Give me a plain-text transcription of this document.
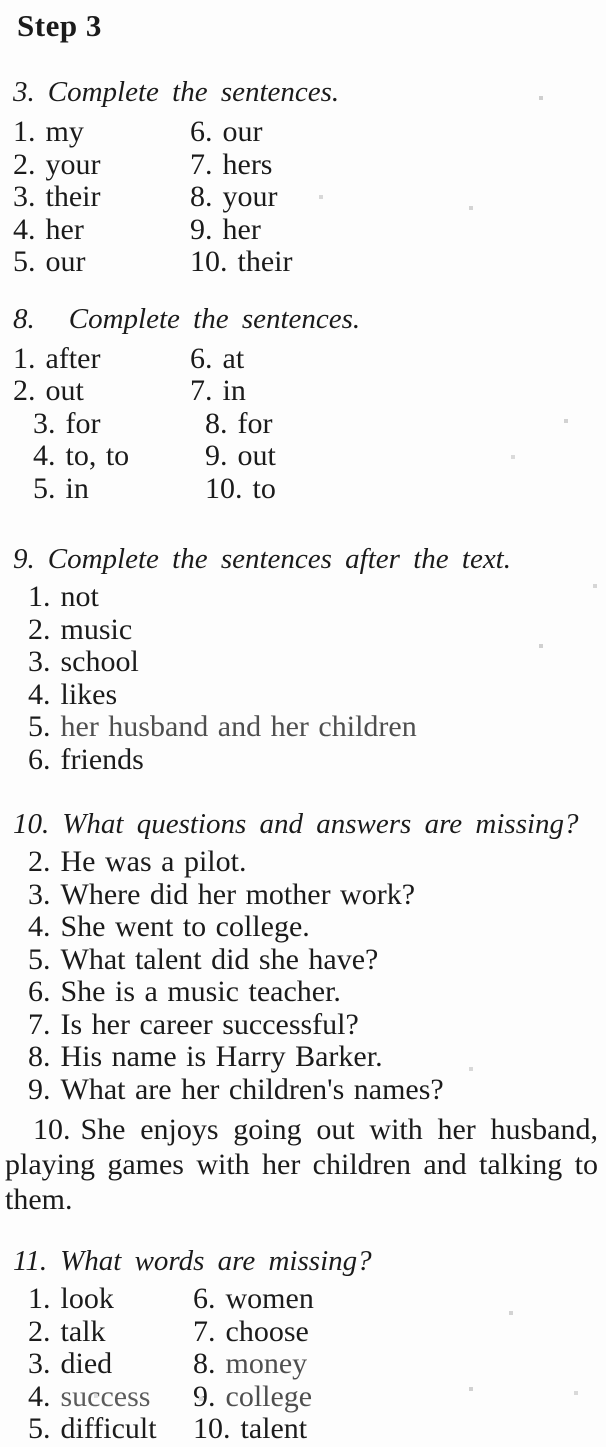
Step 3
3. Complete the sentences.
1. my	6. our
2. your	7. hers
3. their	8. your
4. her	9. her
5. our	10. their
8. Complete the sentences.
1. after	6. at
2. out	7. in
3. for	8. for
4. to, to	9. out
5. in	10. to
9. Complete the sentences after the text.
1. not
2. music
3. school
4. likes
5. her husband and her children
6. friends
10. What questions and answers are missing?
2. He was a pilot.
3. Where did her mother work?
4. She went to college.
5. What talent did she have?
6. She is a music teacher.
7. Is her career successful?
8. His name is Harry Barker.
9. What are her children's names?

10. She enjoys going out with her husband, playing games with her children and talking to them.

11. What words are missing?
1. look	6. women
2. talk	7. choose
3. died	8. money
4. success	9. college
5. difficult	10. talent
